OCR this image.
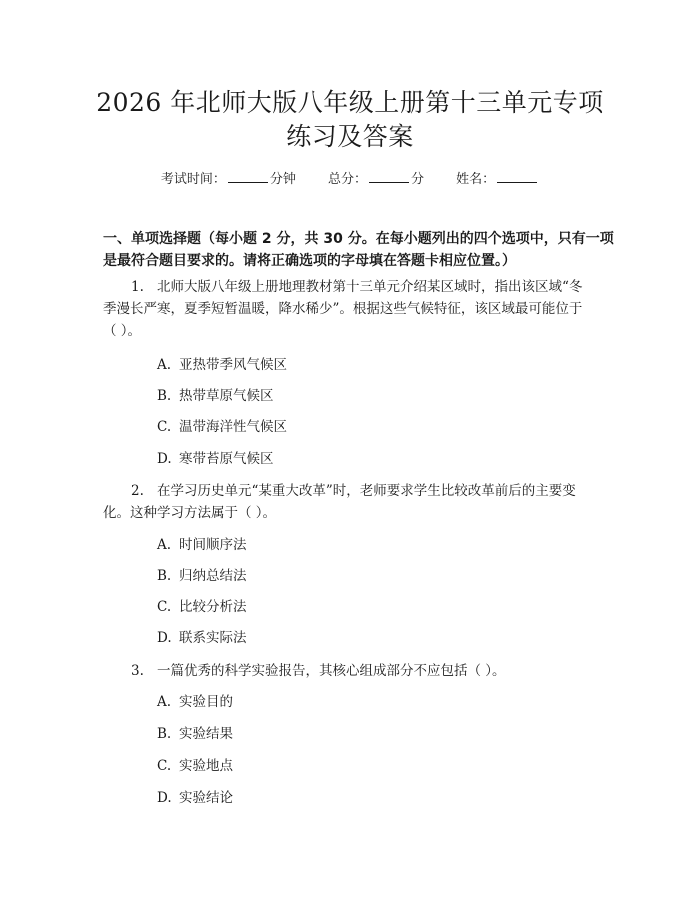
2026 年北师大版八年级上册第十三单元专项
练习及答案
考试时间：	分钟 总分：	分 姓名：
一、单项选择题（每小题 2 分，共 30 分。在每小题列出的四个选项中，只有一项
是最符合题目要求的。请将正确选项的字母填在答题卡相应位置。）
1. 北师大版八年级上册地理教材第十三单元介绍某区域时，指出该区域“冬
季漫长严寒，夏季短暂温暖，降水稀少”。根据这些气候特征，该区域最可能位于
（ ）。
A. 亚热带季风气候区
B. 热带草原气候区
C. 温带海洋性气候区
D. 寒带苔原气候区
2. 在学习历史单元“某重大改革”时，老师要求学生比较改革前后的主要变
化。这种学习方法属于（ ）。
A. 时间顺序法
B. 归纳总结法
C. 比较分析法
D. 联系实际法
3. 一篇优秀的科学实验报告，其核心组成部分不应包括（ ）。
A. 实验目的
B. 实验结果
C. 实验地点
D. 实验结论
